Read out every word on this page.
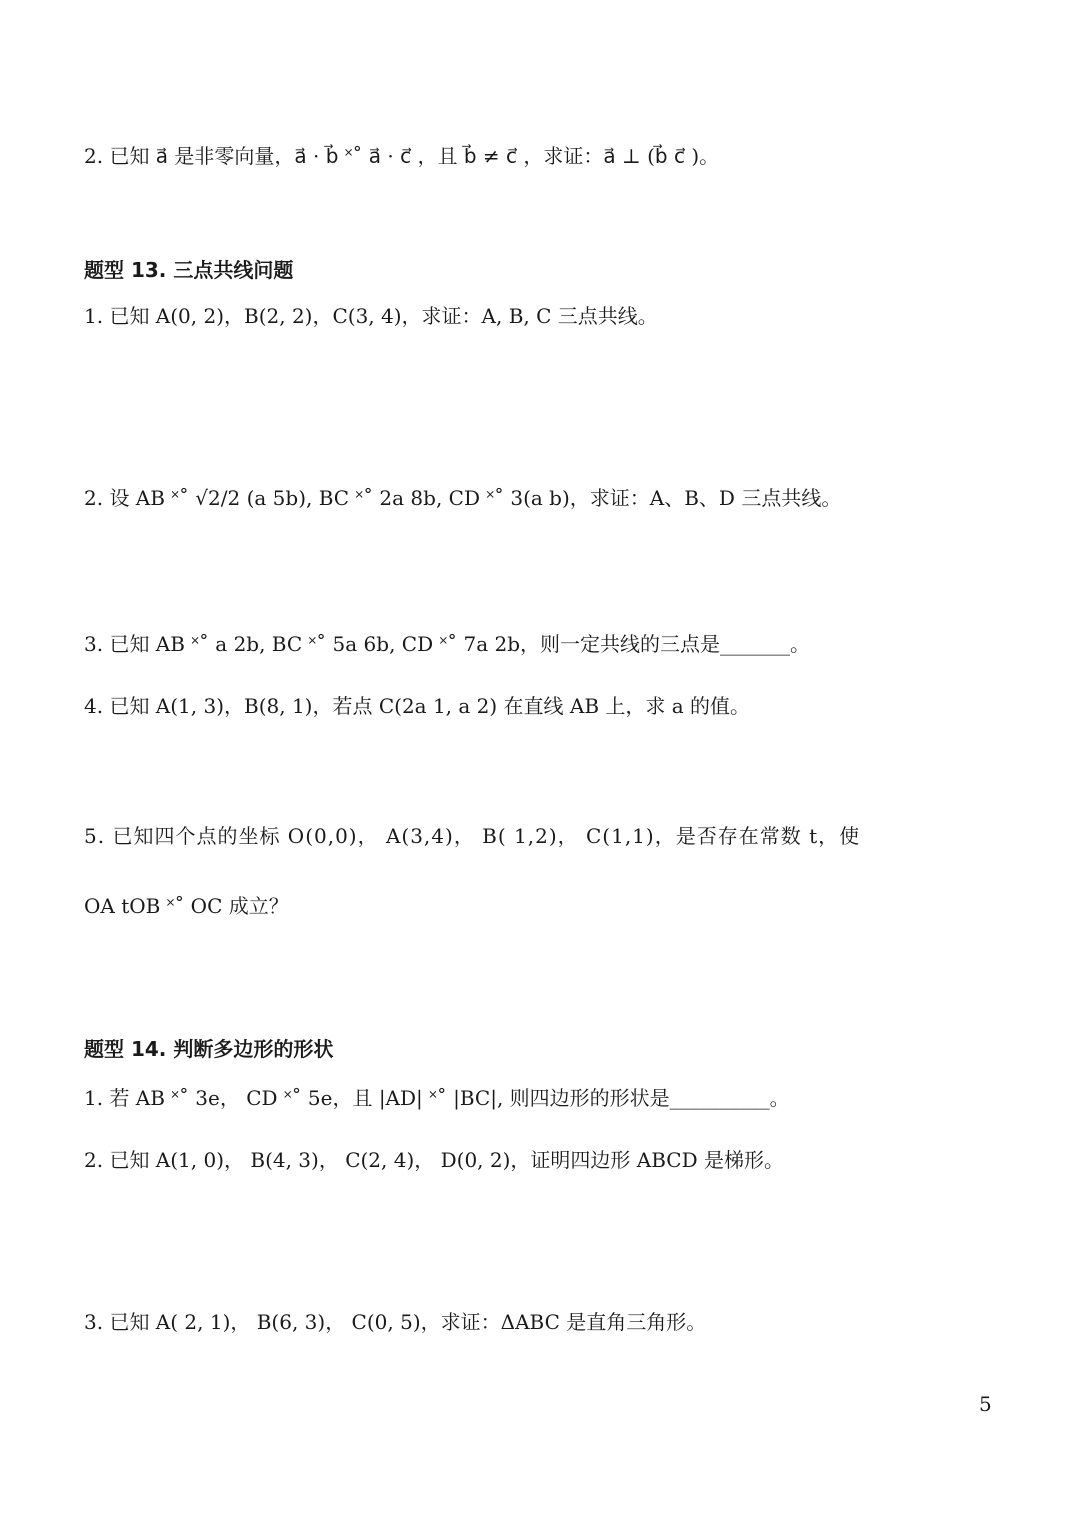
2. 已知 a⃗ 是非零向量，a⃗ · b⃗ ˟˚ a⃗ · c⃗ ，且 b⃗ ≠ c⃗ ，求证：a⃗ ⊥ (b⃗ c⃗ )。
题型 13. 三点共线问题
1. 已知 A(0, 2)，B(2, 2)，C(3, 4)，求证：A, B, C 三点共线。
2. 设 AB ˟˚ √2/2 (a 5b), BC ˟˚ 2a 8b, CD ˟˚ 3(a b)，求证：A、B、D 三点共线。
3. 已知 AB ˟˚ a 2b, BC ˟˚ 5a 6b, CD ˟˚ 7a 2b，则一定共线的三点是_______。
4. 已知 A(1, 3)，B(8, 1)，若点 C(2a 1, a 2) 在直线 AB 上，求 a 的值。
5. 已知四个点的坐标 O(0,0)， A(3,4)， B( 1,2)， C(1,1)，是否存在常数 t，使
OA tOB ˟˚ OC 成立？
题型 14. 判断多边形的形状
1. 若 AB ˟˚ 3e， CD ˟˚ 5e，且 |AD| ˟˚ |BC|, 则四边形的形状是__________。
2. 已知 A(1, 0)， B(4, 3)， C(2, 4)， D(0, 2)，证明四边形 ABCD 是梯形。
3. 已知 A( 2, 1)， B(6, 3)， C(0, 5)，求证：ΔABC 是直角三角形。
5
